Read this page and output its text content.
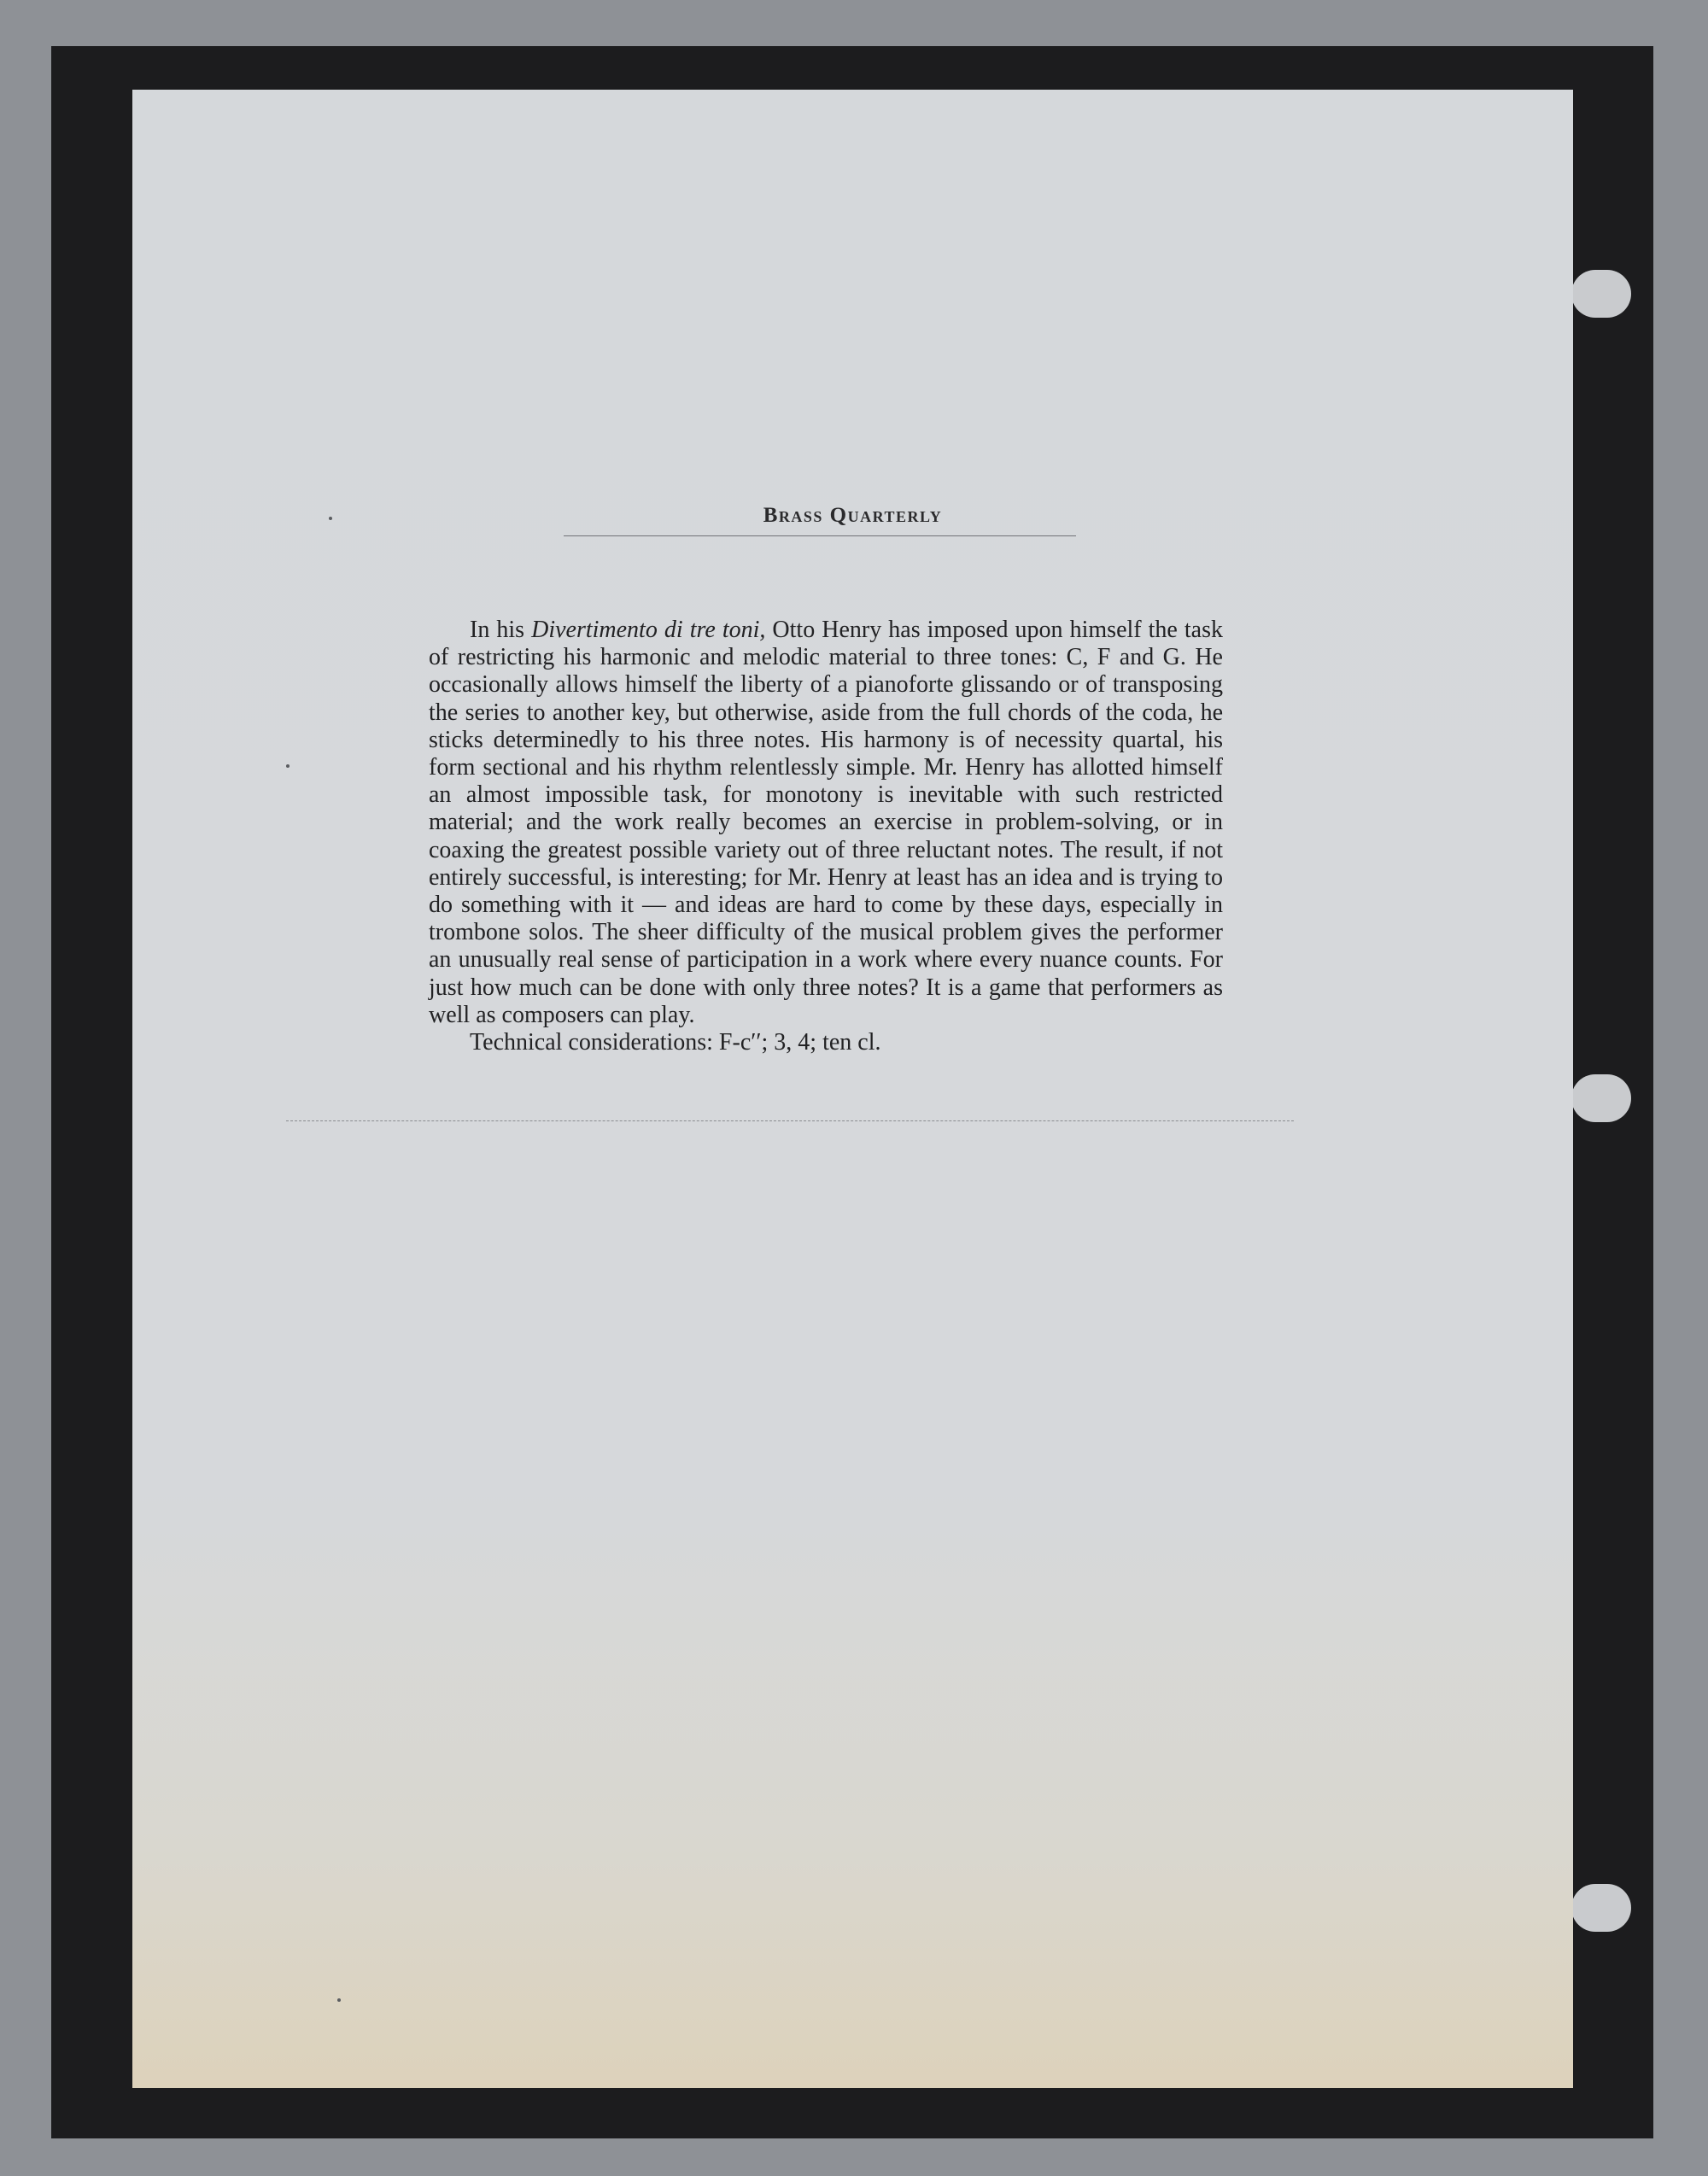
Brass Quarterly

In his Divertimento di tre toni, Otto Henry has imposed upon himself the task of restricting his harmonic and melodic material to three tones: C, F and G. He occasionally allows himself the liberty of a pianoforte glissando or of transposing the series to another key, but otherwise, aside from the full chords of the coda, he sticks determinedly to his three notes. His harmony is of necessity quartal, his form sectional and his rhythm relentlessly simple. Mr. Henry has allotted himself an almost impossible task, for monotony is inevitable with such restricted material; and the work really becomes an exercise in problem-solving, or in coaxing the greatest possible variety out of three reluctant notes. The result, if not entirely successful, is interesting; for Mr. Henry at least has an idea and is trying to do something with it — and ideas are hard to come by these days, especially in trombone solos. The sheer difficulty of the musical problem gives the performer an unusually real sense of participation in a work where every nuance counts. For just how much can be done with only three notes? It is a game that performers as well as composers can play.

Technical considerations: F-c′′; 3, 4; ten cl.
